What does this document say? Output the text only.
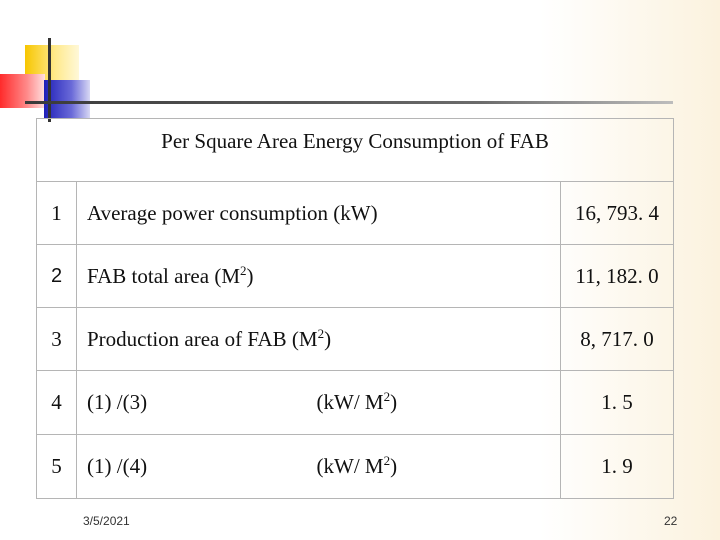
Per Square Area Energy Consumption of FAB			
1	Average power consumption (kW)		16, 793. 4
2	FAB total area $(M^2)$		11, 182. 0
3	Production area of FAB $(M^2)$		8, 717. 0
4	(1) /(3)	(kW/ $M^2$)	1. 5
5	(1) /(4)	(kW/ $M^2$)	1. 9
3/5/2021	22
